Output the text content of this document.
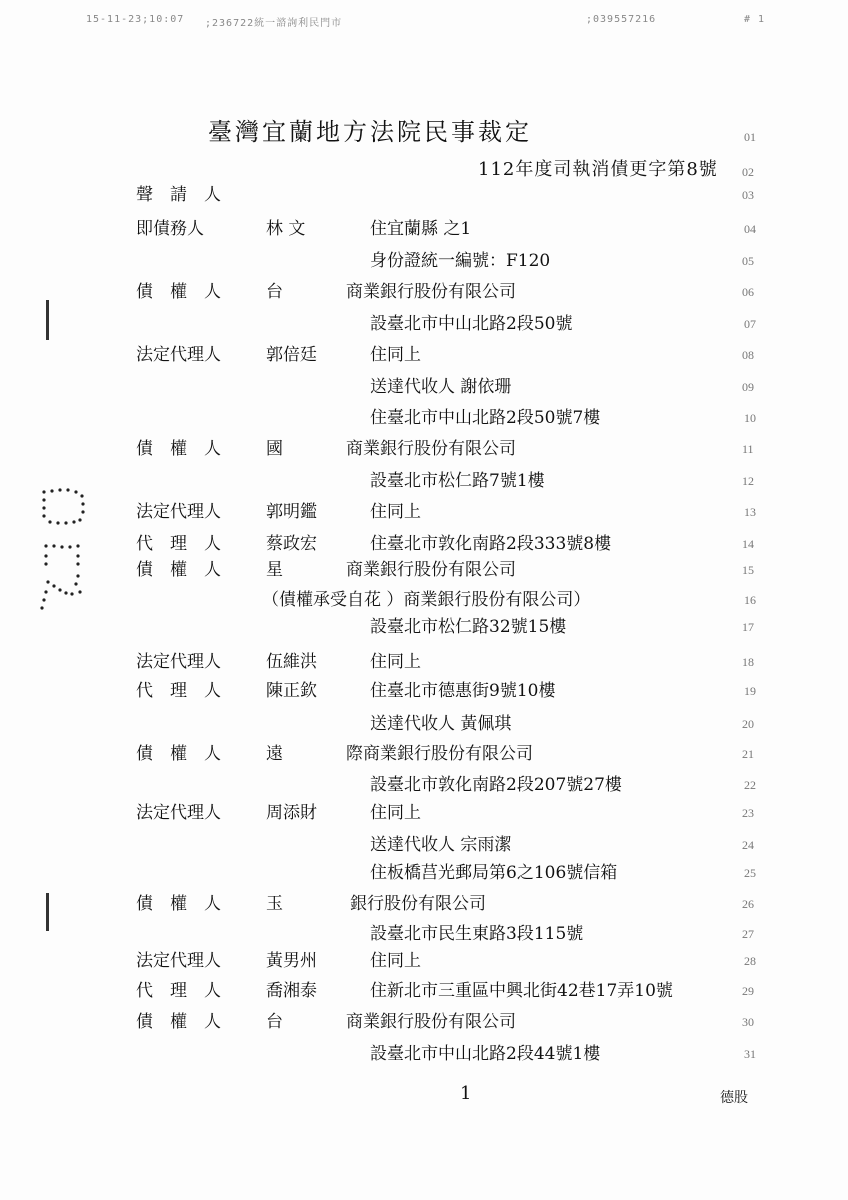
15-11-23;10:07 ;236722統一諮詢利民門市	;039557216	# 1
臺灣宜蘭地方法院民事裁定
112年度司執消債更字第8號
01
02
03
聲請人
04
即債務人	林 文	住宜蘭縣 之1
05
身份證統一編號：F120
06
債權人 台	商業銀行股份有限公司
07
設臺北市中山北路2段50號
08
法定代理人	郭倍廷	住同上
09
送達代收人 謝依珊
10
住臺北市中山北路2段50號7樓
11
債權人 國	商業銀行股份有限公司
12
設臺北市松仁路7號1樓
13
法定代理人	郭明鑑	住同上
14
代理人 蔡政宏	住臺北市敦化南路2段333號8樓
15
債權人 星	商業銀行股份有限公司
16
（債權承受自花 ）商業銀行股份有限公司）
17
設臺北市松仁路32號15樓
18
法定代理人	伍維洪	住同上
19
代理人 陳正欽	住臺北市德惠街9號10樓
20
送達代收人 黃佩琪
21
債權人 遠	際商業銀行股份有限公司
22
設臺北市敦化南路2段207號27樓
23
法定代理人	周添財	住同上
24
送達代收人 宗雨潔
25
住板橋莒光郵局第6之106號信箱
26
債權人 玉	銀行股份有限公司
27
設臺北市民生東路3段115號
28
法定代理人	黃男州	住同上
29
代理人 喬湘泰	住新北市三重區中興北街42巷17弄10號
30
債權人 台	商業銀行股份有限公司
31
設臺北市中山北路2段44號1樓
1	德股
